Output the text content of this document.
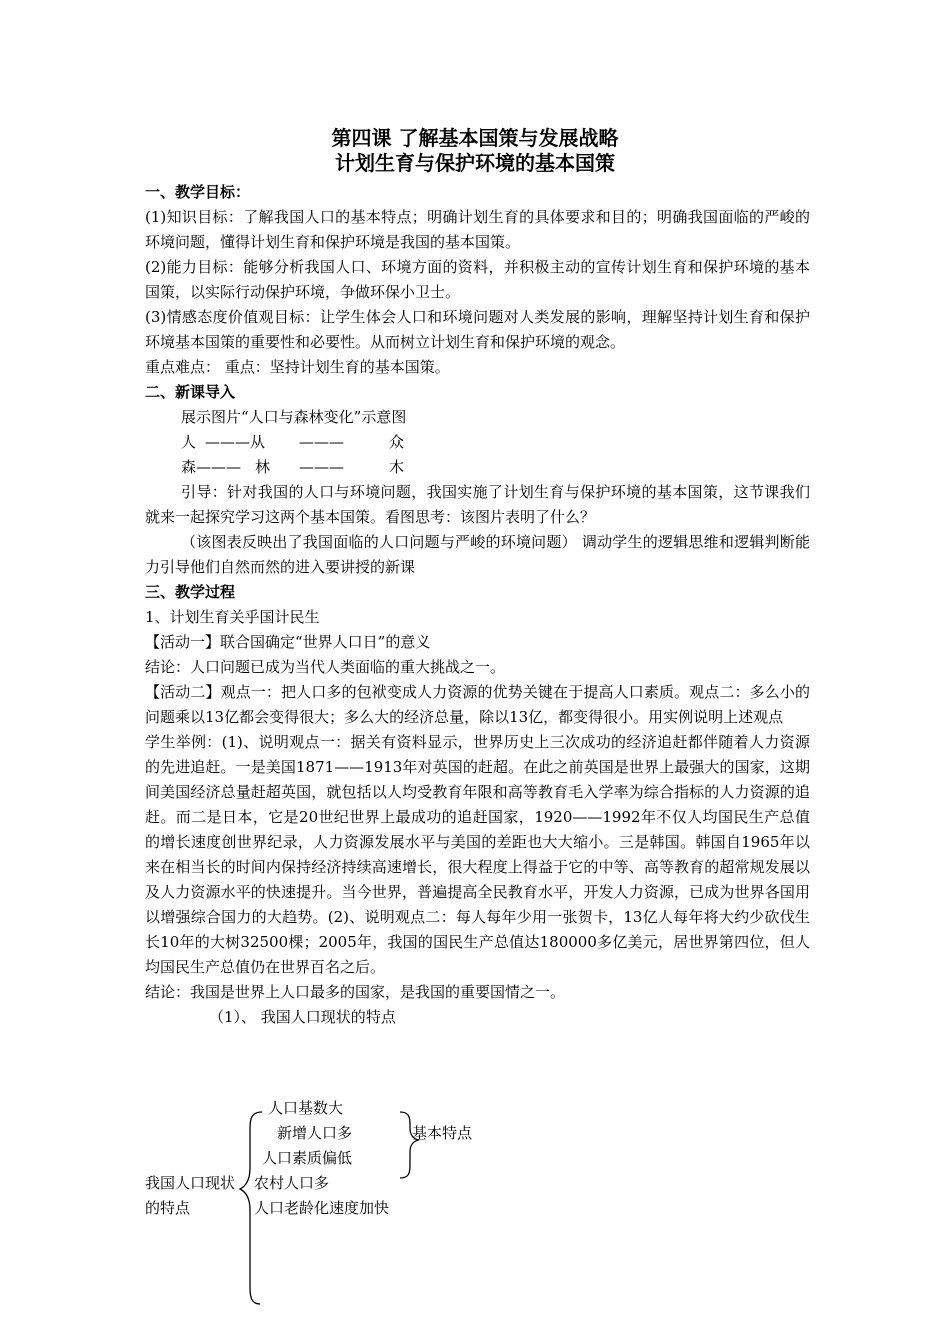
第四课 了解基本国策与发展战略
计划生育与保护环境的基本国策

一、教学目标：

(1)知识目标：了解我国人口的基本特点；明确计划生育的具体要求和目的；明确我国面临的严峻的环境问题，懂得计划生育和保护环境是我国的基本国策。

(2)能力目标：能够分析我国人口、环境方面的资料，并积极主动的宣传计划生育和保护环境的基本国策，以实际行动保护环境，争做环保小卫士。

(3)情感态度价值观目标：让学生体会人口和环境问题对人类发展的影响，理解坚持计划生育和保护环境基本国策的重要性和必要性。从而树立计划生育和保护环境的观念。

重点难点： 重点：坚持计划生育的基本国策。

二、新课导入

展示图片“人口与森林变化”示意图

人 ———从	———	众
森——— 林	———	木

引导：针对我国的人口与环境问题，我国实施了计划生育与保护环境的基本国策，这节课我们就来一起探究学习这两个基本国策。看图思考：该图片表明了什么？

（该图表反映出了我国面临的人口问题与严峻的环境问题） 调动学生的逻辑思维和逻辑判断能力引导他们自然而然的进入要讲授的新课

三、教学过程

1、计划生育关乎国计民生

【活动一】联合国确定“世界人口日”的意义

结论：人口问题已成为当代人类面临的重大挑战之一。

【活动二】观点一：把人口多的包袱变成人力资源的优势关键在于提高人口素质。观点二：多么小的问题乘以13亿都会变得很大；多么大的经济总量，除以13亿，都变得很小。用实例说明上述观点

学生举例：(1)、说明观点一：据关有资料显示，世界历史上三次成功的经济追赶都伴随着人力资源的先进追赶。一是美国1871——1913年对英国的赶超。在此之前英国是世界上最强大的国家，这期间美国经济总量赶超英国，就包括以人均受教育年限和高等教育毛入学率为综合指标的人力资源的追赶。而二是日本，它是20世纪世界上最成功的追赶国家，1920——1992年不仅人均国民生产总值的增长速度创世界纪录，人力资源发展水平与美国的差距也大大缩小。三是韩国。韩国自1965年以来在相当长的时间内保持经济持续高速增长，很大程度上得益于它的中等、高等教育的超常规发展以及人力资源水平的快速提升。当今世界，普遍提高全民教育水平，开发人力资源，已成为世界各国用以增强综合国力的大趋势。(2)、说明观点二：每人每年少用一张贺卡，13亿人每年将大约少砍伐生长10年的大树32500棵；2005年，我国的国民生产总值达180000多亿美元，居世界第四位，但人均国民生产总值仍在世界百名之后。

结论：我国是世界上人口最多的国家，是我国的重要国情之一。

（1）、 我国人口现状的特点

我国人口现状
的特点
人口基数大
新增人口多
人口素质偏低
农村人口多
人口老龄化速度加快
基本特点
